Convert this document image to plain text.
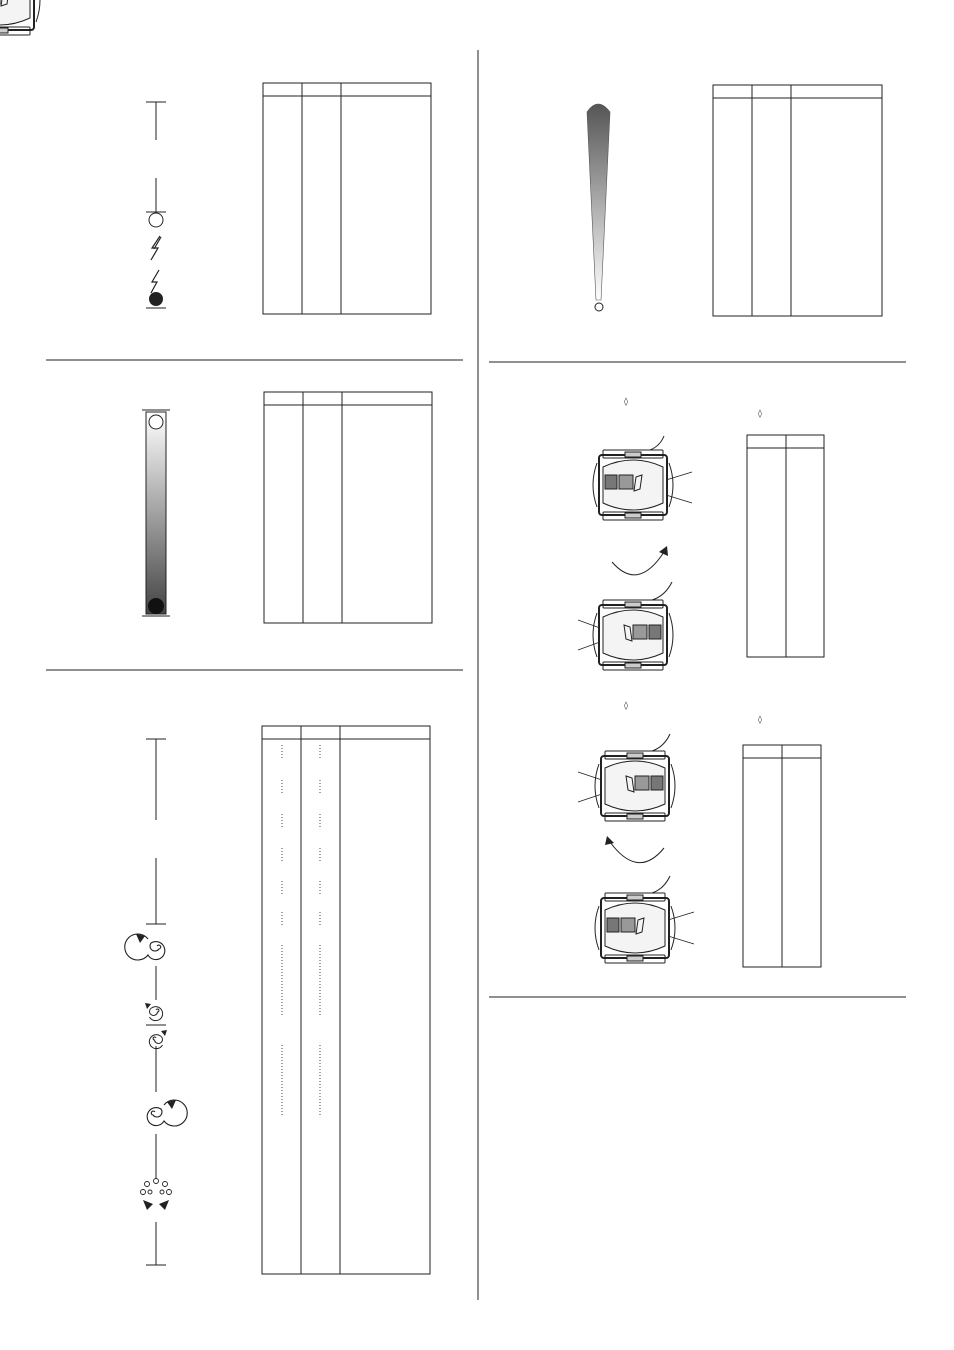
◊
◊
◊
◊
